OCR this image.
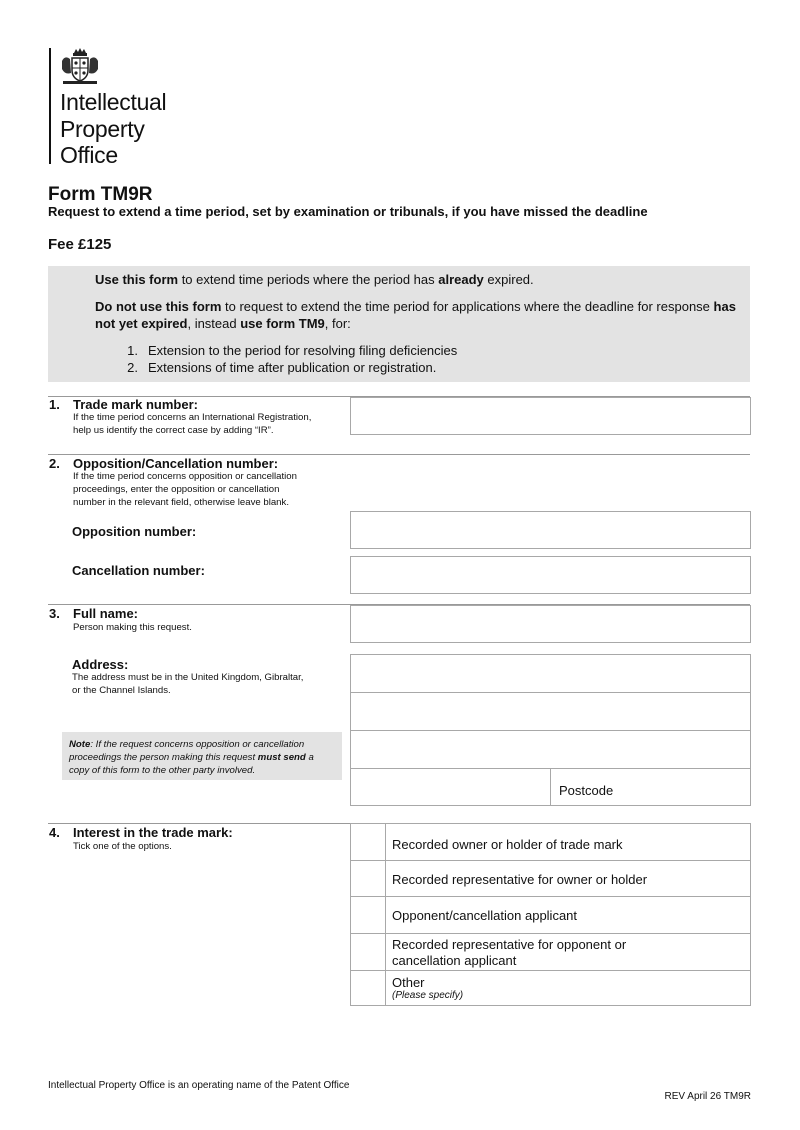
Intellectual
Property
Office
Form TM9R
Request to extend a time period, set by examination or tribunals, if you have missed the deadline
Fee £125

Use this form to extend time periods where the period has already expired.

Do not use this form to request to extend the time period for applications where the deadline for response has not yet expired, instead use form TM9, for:

1. Extension to the period for resolving filing deficiencies

2. Extensions of time after publication or registration.

1. Trade mark number:
If the time period concerns an International Registration,
help us identify the correct case by adding “IR”.
2. Opposition/Cancellation number:
If the time period concerns opposition or cancellation
proceedings, enter the opposition or cancellation
number in the relevant field, otherwise leave blank.
Opposition number:
Cancellation number:
3. Full name:
Person making this request.
Address:
The address must be in the United Kingdom, Gibraltar,
or the Channel Islands.
Postcode
Note: If the request concerns opposition or cancellation proceedings the person making this request must send a copy of this form to the other party involved.
4. Interest in the trade mark:
Tick one of the options.	Recorded owner or holder of trade mark
Recorded representative for owner or holder
Opponent/cancellation applicant
Recorded representative for opponent or
cancellation applicant
Other
(Please specify)
Intellectual Property Office is an operating name of the Patent Office
REV April 26 TM9R
